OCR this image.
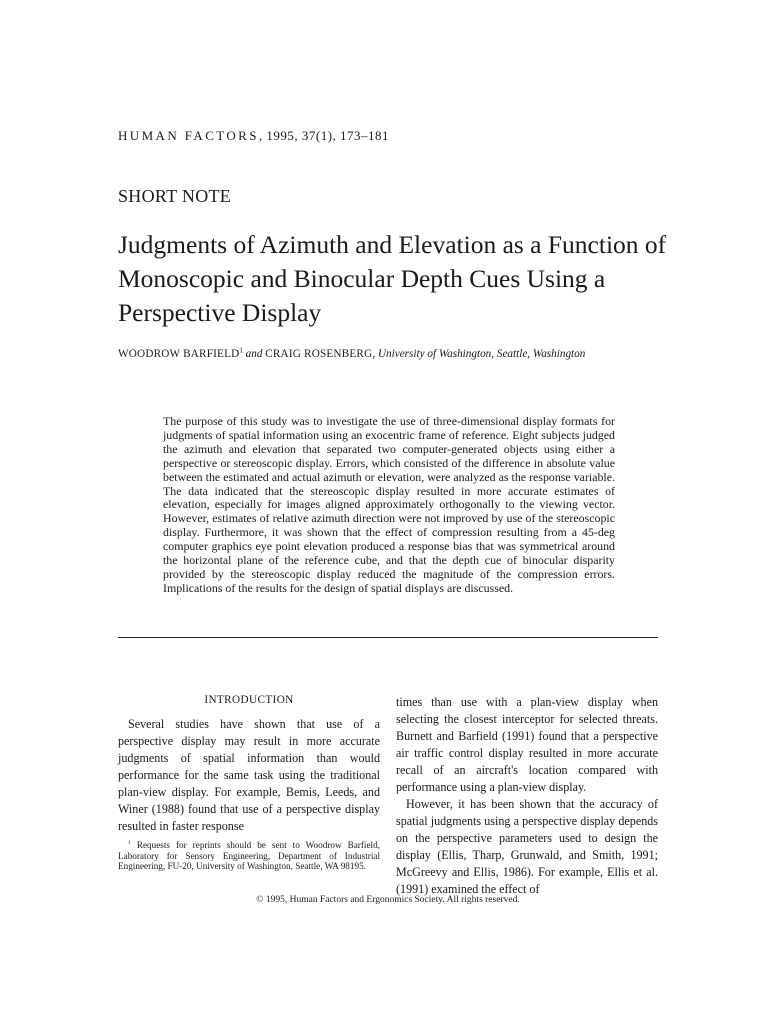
HUMAN FACTORS, 1995, 37(1), 173–181
SHORT NOTE
Judgments of Azimuth and Elevation as a Function of Monoscopic and Binocular Depth Cues Using a Perspective Display
WOODROW BARFIELD$^1$ and CRAIG ROSENBERG, University of Washington, Seattle, Washington
The purpose of this study was to investigate the use of three-dimensional display formats for judgments of spatial information using an exocentric frame of reference. Eight subjects judged the azimuth and elevation that separated two computer-generated objects using either a perspective or stereoscopic display. Errors, which consisted of the difference in absolute value between the estimated and actual azimuth or elevation, were analyzed as the response variable. The data indicated that the stereoscopic display resulted in more accurate estimates of elevation, especially for images aligned approximately orthogonally to the viewing vector. However, estimates of relative azimuth direction were not improved by use of the stereoscopic display. Furthermore, it was shown that the effect of compression resulting from a 45-deg computer graphics eye point elevation produced a response bias that was symmetrical around the horizontal plane of the reference cube, and that the depth cue of binocular disparity provided by the stereoscopic display reduced the magnitude of the compression errors. Implications of the results for the design of spatial displays are discussed.
INTRODUCTION

Several studies have shown that use of a perspective display may result in more accurate judgments of spatial information than would performance for the same task using the traditional plan-view display. For example, Bemis, Leeds, and Winer (1988) found that use of a perspective display resulted in faster response

$^1$ Requests for reprints should be sent to Woodrow Barfield, Laboratory for Sensory Engineering, Department of Industrial Engineering, FU-20, University of Washington, Seattle, WA 98195.

times than use with a plan-view display when selecting the closest interceptor for selected threats. Burnett and Barfield (1991) found that a perspective air traffic control display resulted in more accurate recall of an aircraft's location compared with performance using a plan-view display.

However, it has been shown that the accuracy of spatial judgments using a perspective display depends on the perspective parameters used to design the display (Ellis, Tharp, Grunwald, and Smith, 1991; McGreevy and Ellis, 1986). For example, Ellis et al. (1991) examined the effect of

© 1995, Human Factors and Ergonomics Society. All rights reserved.
